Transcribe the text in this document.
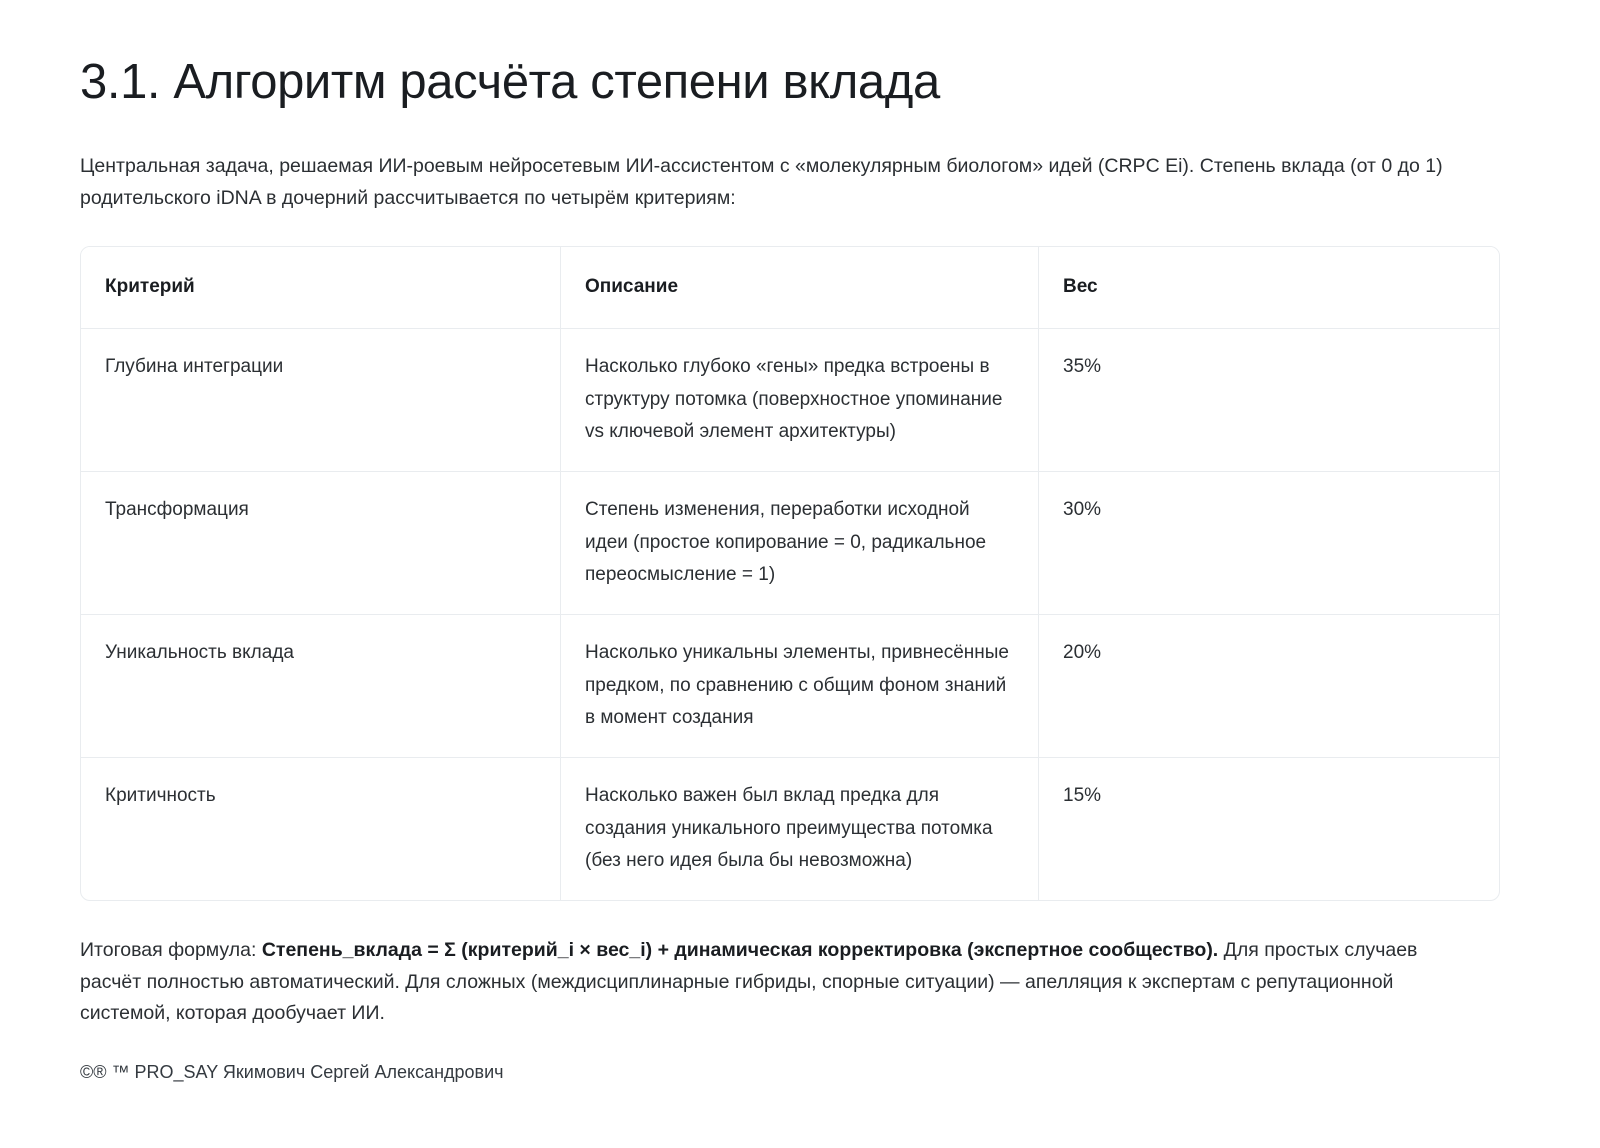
3.1. Алгоритм расчёта степени вклада

Центральная задача, решаемая ИИ-роевым нейросетевым ИИ-ассистентом с «молекулярным биологом» идей (CRPC Ei). Степень вклада (от 0 до 1) родительского iDNA в дочерний рассчитывается по четырём критериям:

Критерий	Описание	Вес
Глубина интеграции	Насколько глубоко «гены» предка встроены в структуру потомка (поверхностное упоминание vs ключевой элемент архитектуры)	35%
Трансформация	Степень изменения, переработки исходной идеи (простое копирование = 0, радикальное переосмысление = 1)	30%
Уникальность вклада	Насколько уникальны элементы, привнесённые предком, по сравнению с общим фоном знаний в момент создания	20%
Критичность	Насколько важен был вклад предка для создания уникального преимущества потомка (без него идея была бы невозможна)	15%

Итоговая формула: Степень_вклада = Σ (критерий_i × вес_i) + динамическая корректировка (экспертное сообщество). Для простых случаев расчёт полностью автоматический. Для сложных (междисциплинарные гибриды, спорные ситуации) — апелляция к экспертам с репутационной системой, которая дообучает ИИ.

©® ™ PRO_SAY Якимович Сергей Александрович
